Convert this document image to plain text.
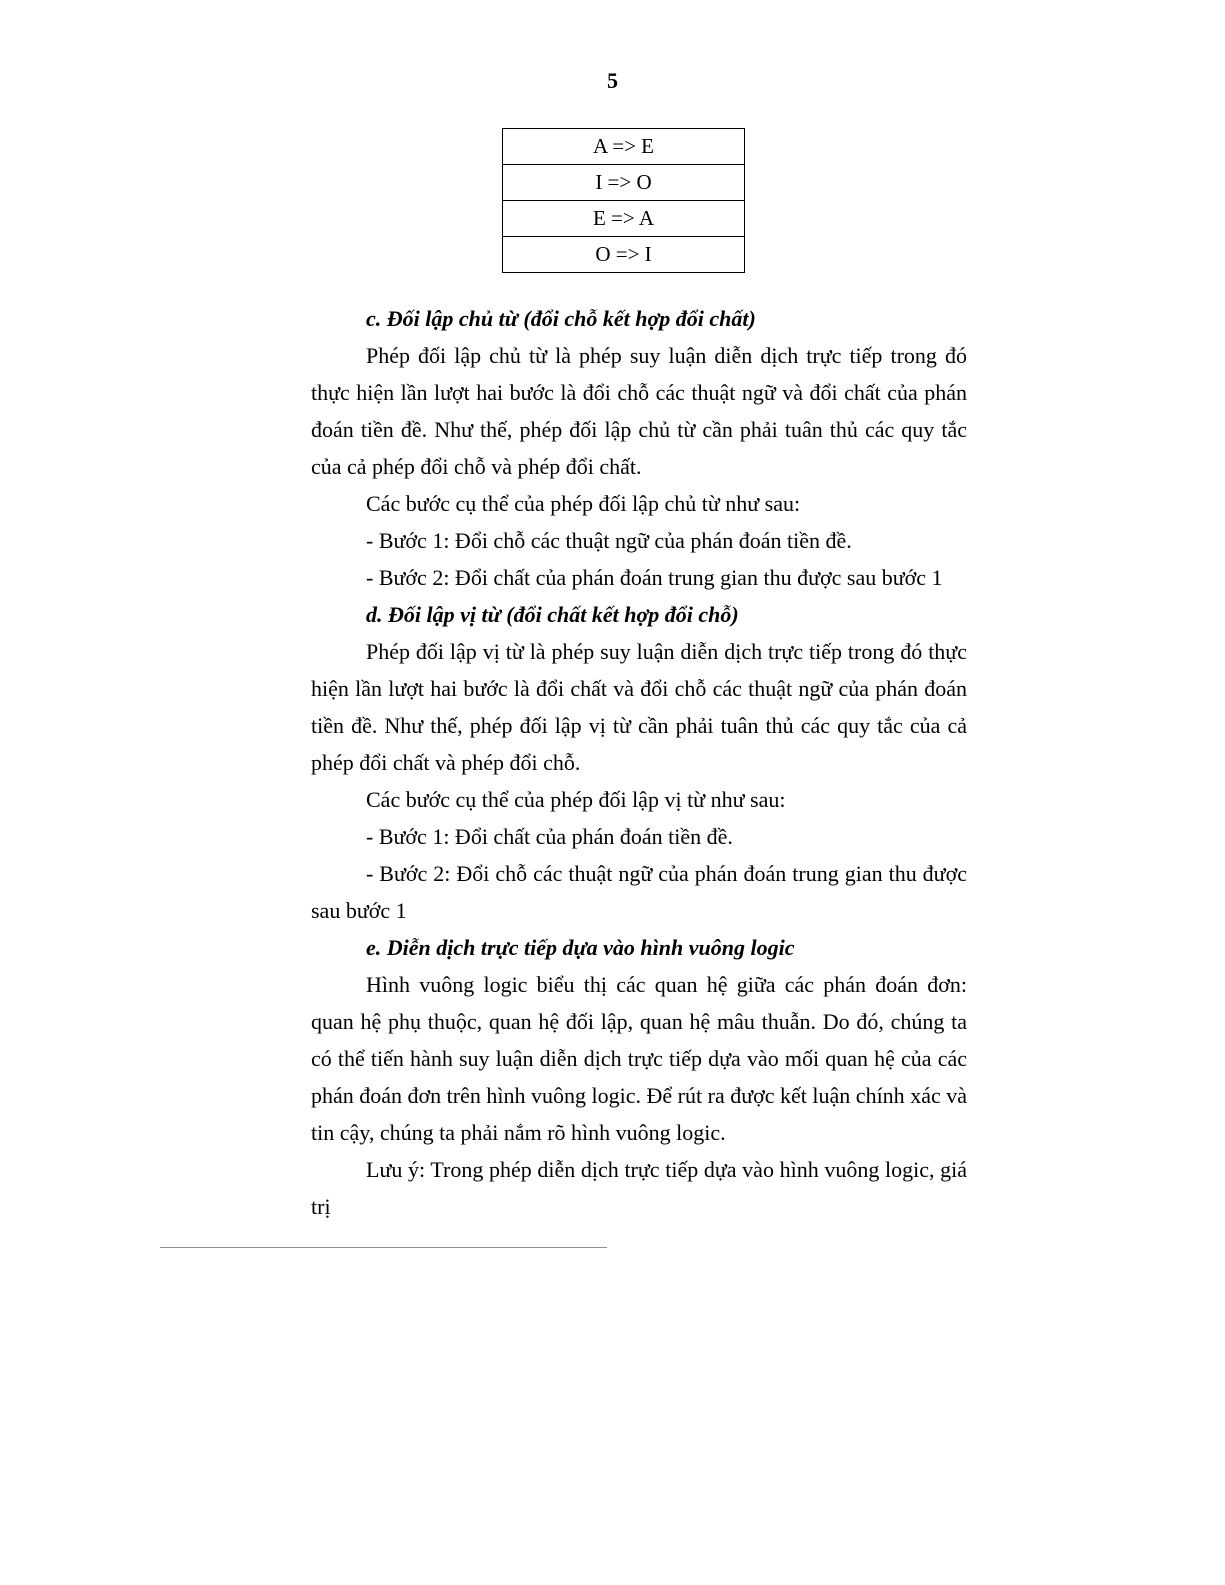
5
A => E
I => O
E => A
O => I

c. Đối lập chủ từ (đổi chỗ kết hợp đổi chất)

Phép đối lập chủ từ là phép suy luận diễn dịch trực tiếp trong đó thực hiện lần lượt hai bước là đổi chỗ các thuật ngữ và đổi chất của phán đoán tiền đề. Như thế, phép đối lập chủ từ cần phải tuân thủ các quy tắc của cả phép đổi chỗ và phép đổi chất.

Các bước cụ thể của phép đối lập chủ từ như sau:

- Bước 1: Đổi chỗ các thuật ngữ của phán đoán tiền đề.

- Bước 2: Đổi chất của phán đoán trung gian thu được sau bước 1

d. Đối lập vị từ (đổi chất kết hợp đổi chỗ)

Phép đối lập vị từ là phép suy luận diễn dịch trực tiếp trong đó thực hiện lần lượt hai bước là đổi chất và đổi chỗ các thuật ngữ của phán đoán tiền đề. Như thế, phép đối lập vị từ cần phải tuân thủ các quy tắc của cả phép đổi chất và phép đổi chỗ.

Các bước cụ thể của phép đối lập vị từ như sau:

- Bước 1: Đổi chất của phán đoán tiền đề.

- Bước 2: Đổi chỗ các thuật ngữ của phán đoán trung gian thu được sau bước 1

e. Diễn dịch trực tiếp dựa vào hình vuông logic

Hình vuông logic biểu thị các quan hệ giữa các phán đoán đơn: quan hệ phụ thuộc, quan hệ đối lập, quan hệ mâu thuẫn. Do đó, chúng ta có thể tiến hành suy luận diễn dịch trực tiếp dựa vào mối quan hệ của các phán đoán đơn trên hình vuông logic. Để rút ra được kết luận chính xác và tin cậy, chúng ta phải nắm rõ hình vuông logic.

Lưu ý: Trong phép diễn dịch trực tiếp dựa vào hình vuông logic, giá trị
